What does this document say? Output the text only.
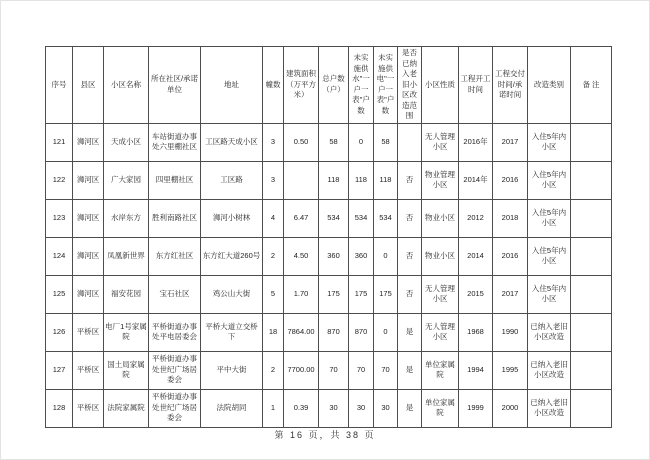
序号	县区	小区名称	所在社区/承诺单位	地址	幢数	建筑面积（万平方米）	总户数（户）	未实施供水"一户一表"户数	未实施供电"一户一表"户数	是否已纳入老旧小区改造范围	小区性质	工程开工时间	工程交付时间/承诺时间	改造类别	备 注
121	浉河区	天成小区	车站街道办事处六里棚社区	工区路天成小区	3	0.50	58	0	58		无人管理小区	2016年	2017	入住5年内小区	
122	浉河区	广大家园	四里棚社区	工区路	3		118	118	118	否	物业管理小区	2014年	2016	入住5年内小区	
123	浉河区	水岸东方	胜利南路社区	浉河小树林	4	6.47	534	534	534	否	物业小区	2012	2018	入住5年内小区	
124	浉河区	凤凰新世界	东方红社区	东方红大道260号	2	4.50	360	360	0	否	物业小区	2014	2016	入住5年内小区	
125	浉河区	福安花园	宝石社区	鸡公山大街	5	1.70	175	175	175	否	无人管理小区	2015	2017	入住5年内小区	
126	平桥区	电厂1号家属院	平桥街道办事处平电居委会	平桥大道立交桥下	18	7864.00	870	870	0	是	无人管理小区	1968	1990	已纳入老旧小区改造	
127	平桥区	国土局家属院	平桥街道办事处世纪广场居委会	平中大街	2	7700.00	70	70	70	是	单位家属院	1994	1995	已纳入老旧小区改造	
128	平桥区	法院家属院	平桥街道办事处世纪广场居委会	法院胡同	1	0.39	30	30	30	是	单位家属院	1999	2000	已纳入老旧小区改造	
第 16 页，共 38 页
